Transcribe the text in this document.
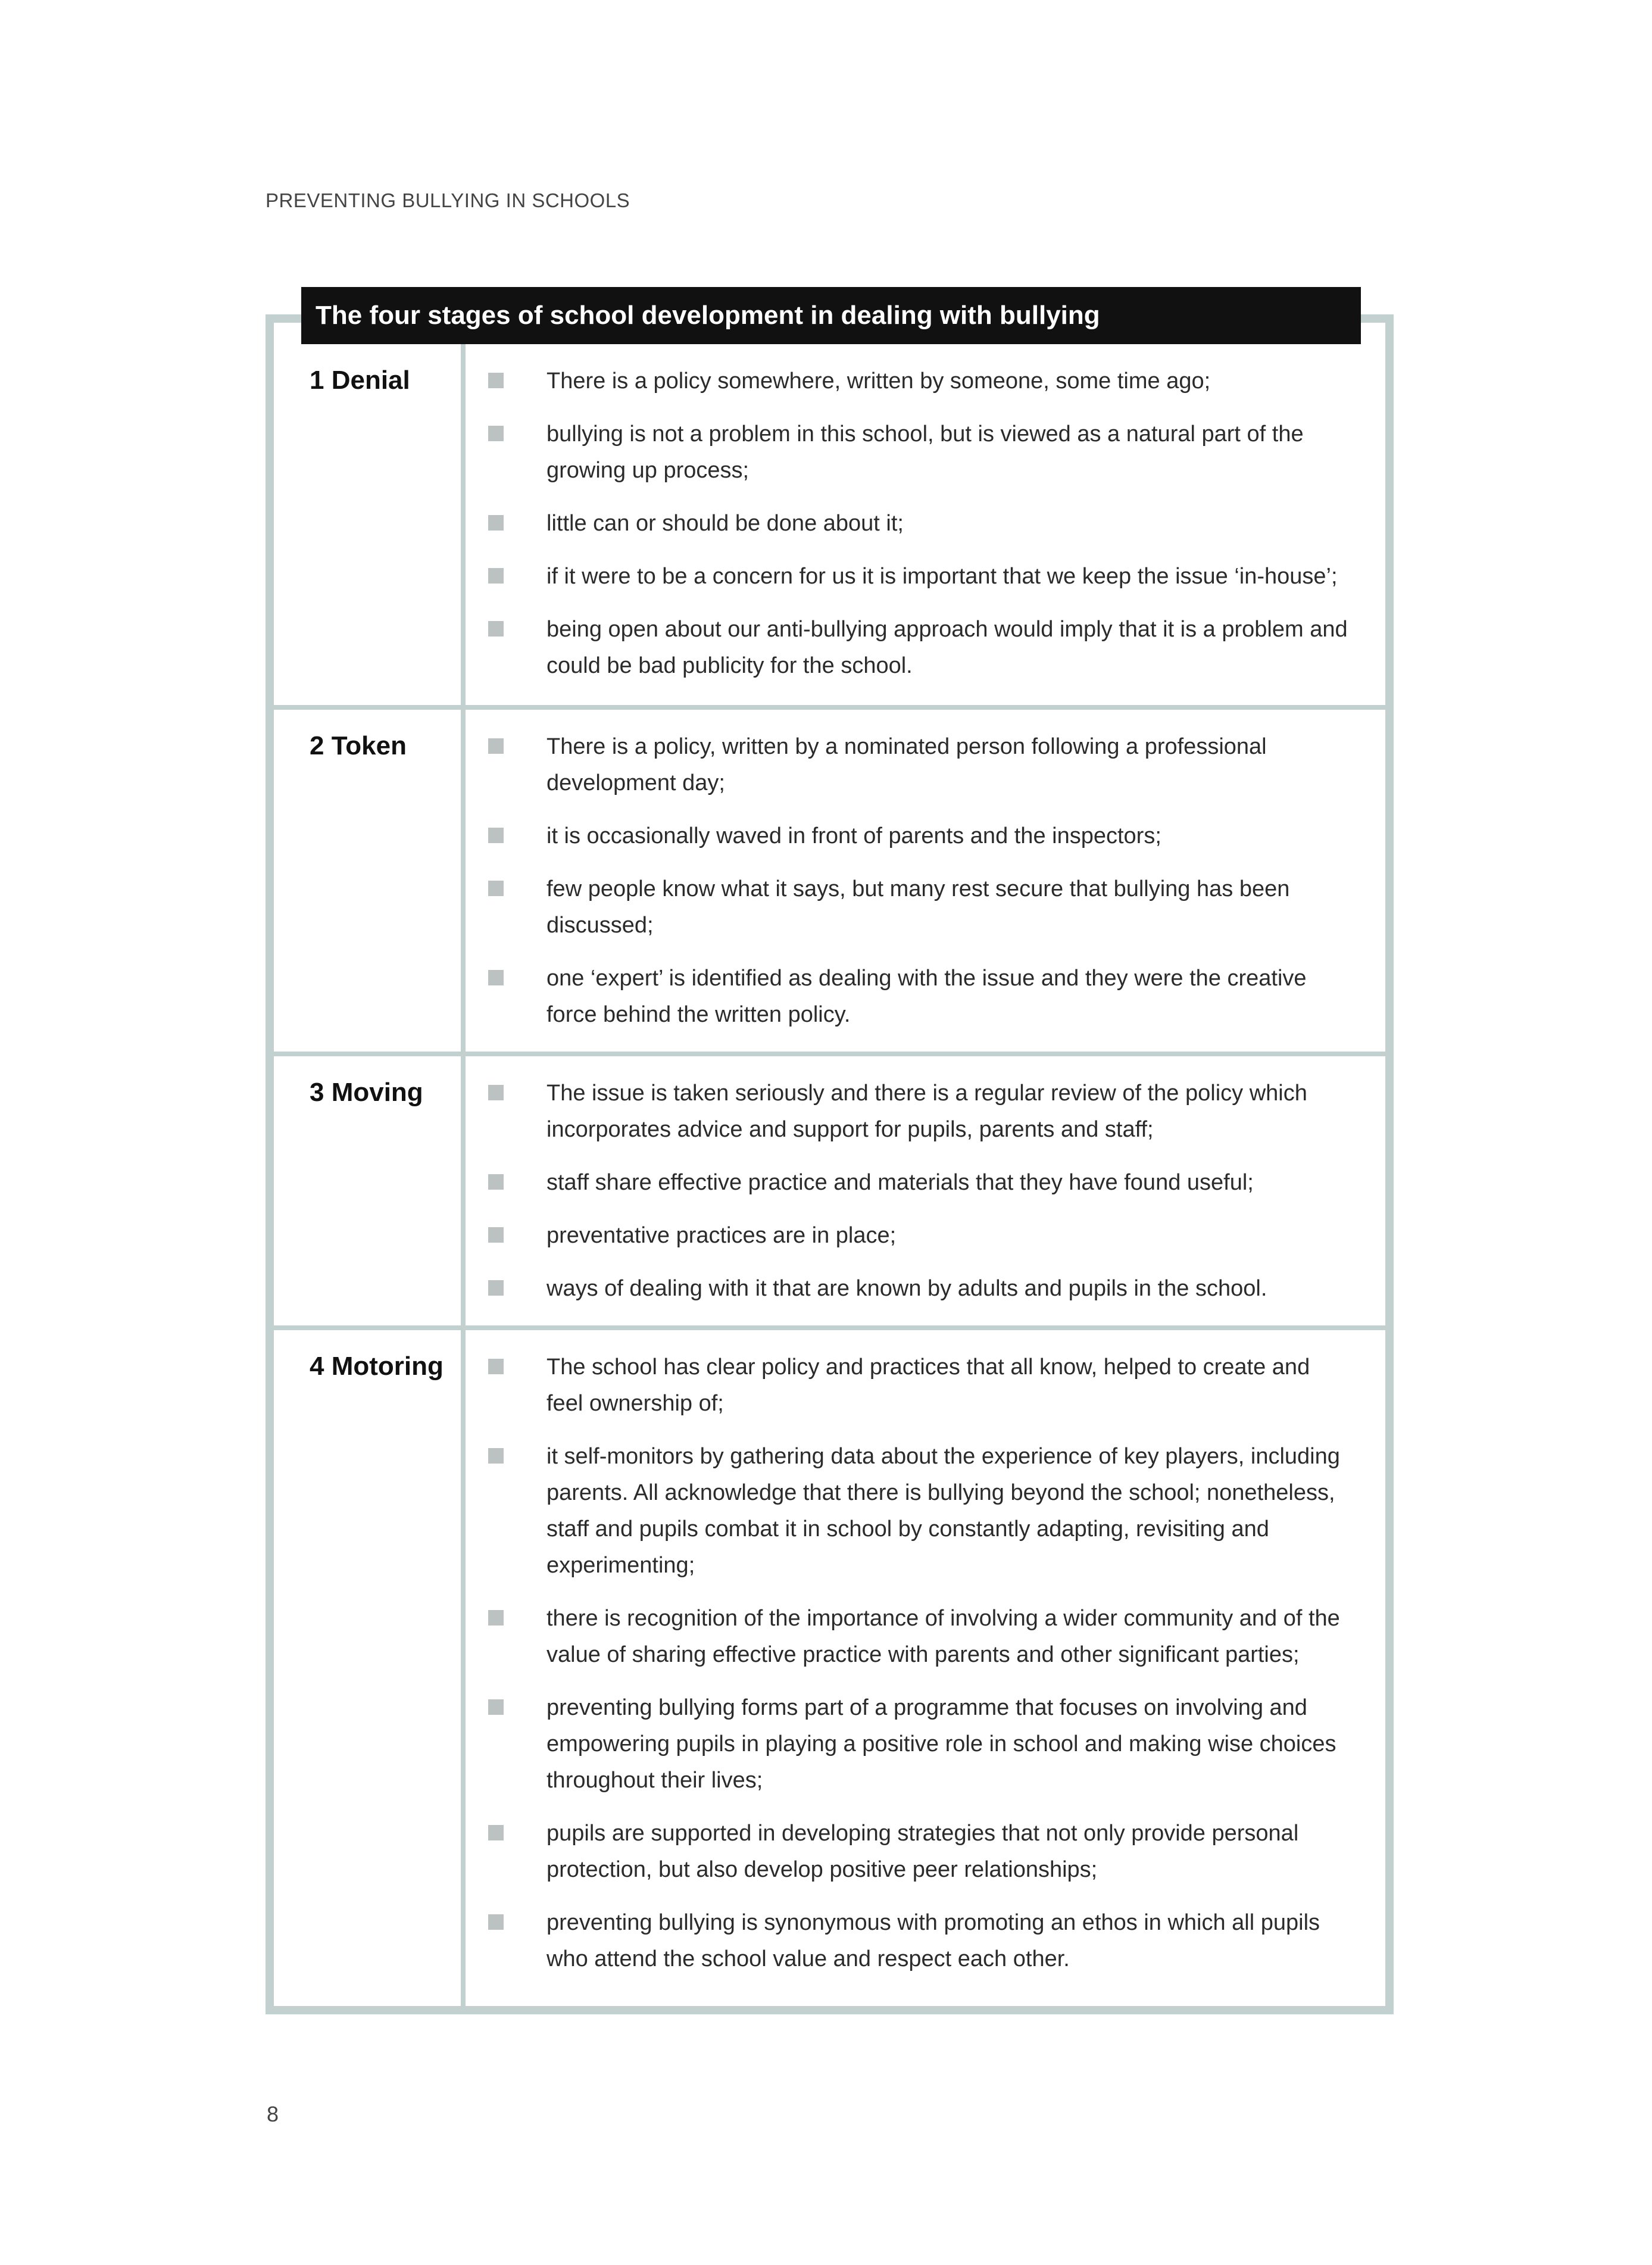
PREVENTING BULLYING IN SCHOOLS
1 Denial	There is a policy somewhere, written by someone, some time ago;
bullying is not a problem in this school, but is viewed as a natural part of the growing up process;
little can or should be done about it;
if it were to be a concern for us it is important that we keep the issue ‘in-house’;
being open about our anti-bullying approach would imply that it is a problem and could be bad publicity for the school.
2 Token	There is a policy, written by a nominated person following a professional development day;
it is occasionally waved in front of parents and the inspectors;
few people know what it says, but many rest secure that bullying has been discussed;
one ‘expert’ is identified as dealing with the issue and they were the creative force behind the written policy.
3 Moving	The issue is taken seriously and there is a regular review of the policy which incorporates advice and support for pupils, parents and staff;
staff share effective practice and materials that they have found useful;
preventative practices are in place;
ways of dealing with it that are known by adults and pupils in the school.
4 Motoring	The school has clear policy and practices that all know, helped to create and feel ownership of;
it self-monitors by gathering data about the experience of key players, including parents. All acknowledge that there is bullying beyond the school; nonetheless, staff and pupils combat it in school by constantly adapting, revisiting and experimenting;
there is recognition of the importance of involving a wider community and of the value of sharing effective practice with parents and other significant parties;
preventing bullying forms part of a programme that focuses on involving and empowering pupils in playing a positive role in school and making wise choices throughout their lives;
pupils are supported in developing strategies that not only provide personal protection, but also develop positive peer relationships;
preventing bullying is synonymous with promoting an ethos in which all pupils who attend the school value and respect each other.
The four stages of school development in dealing with bullying
8
